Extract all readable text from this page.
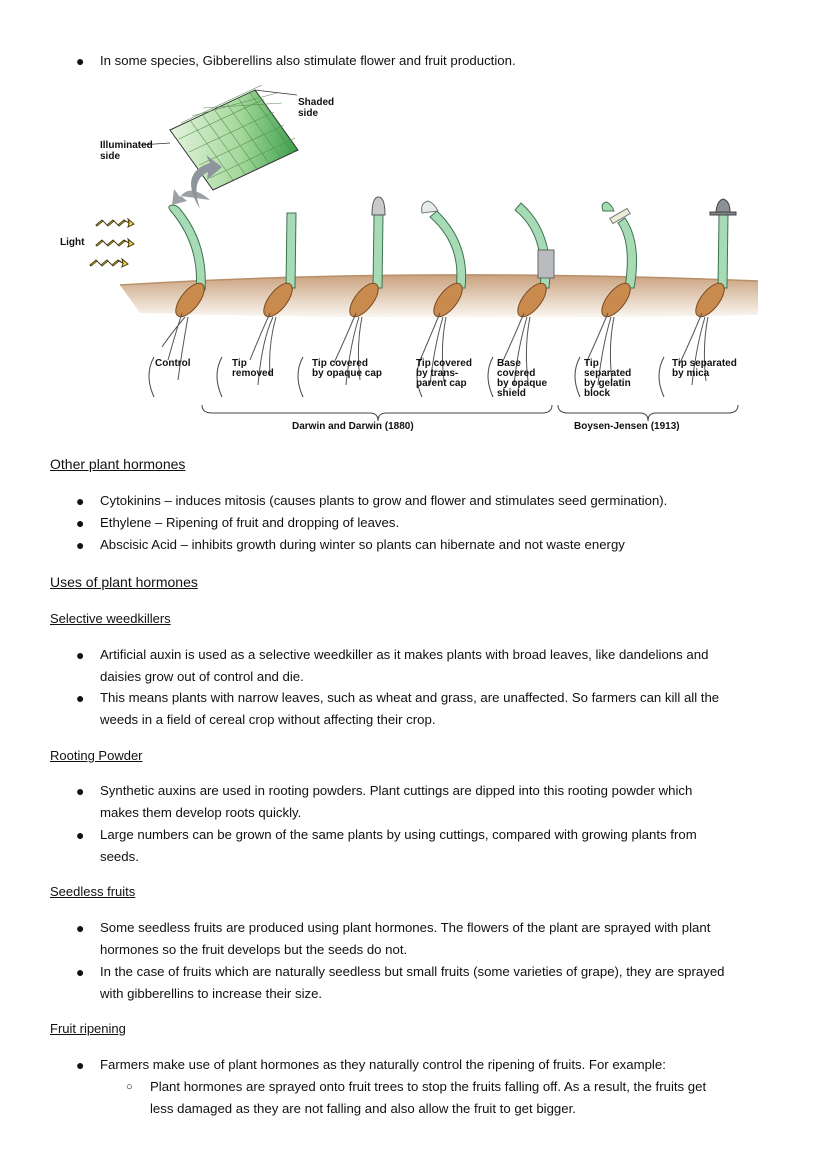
● In some species, Gibberellins also stimulate flower and fruit production.
Shaded side
Illuminated side
Light
Control	Tip removed
Tip covered by opaque cap
Tip covered by trans-parent cap
Base covered by opaque shield
Tip separated by gelatin block
Tip separated by mica
Darwin and Darwin (1880)	Boysen-Jensen (1913)
Other plant hormones
● Cytokinins – induces mitosis (causes plants to grow and flower and stimulates seed germination).
● Ethylene – Ripening of fruit and dropping of leaves.
● Abscisic Acid – inhibits growth during winter so plants can hibernate and not waste energy
Uses of plant hormones
Selective weedkillers
● Artificial auxin is used as a selective weedkiller as it makes plants with broad leaves, like dandelions and
daisies grow out of control and die.
● This means plants with narrow leaves, such as wheat and grass, are unaffected. So farmers can kill all the
weeds in a field of cereal crop without affecting their crop.
Rooting Powder
● Synthetic auxins are used in rooting powders. Plant cuttings are dipped into this rooting powder which
makes them develop roots quickly.
● Large numbers can be grown of the same plants by using cuttings, compared with growing plants from
seeds.
Seedless fruits
● Some seedless fruits are produced using plant hormones. The flowers of the plant are sprayed with plant
hormones so the fruit develops but the seeds do not.
● In the case of fruits which are naturally seedless but small fruits (some varieties of grape), they are sprayed
with gibberellins to increase their size.
Fruit ripening
● Farmers make use of plant hormones as they naturally control the ripening of fruits. For example:
○ Plant hormones are sprayed onto fruit trees to stop the fruits falling off. As a result, the fruits get
less damaged as they are not falling and also allow the fruit to get bigger.
